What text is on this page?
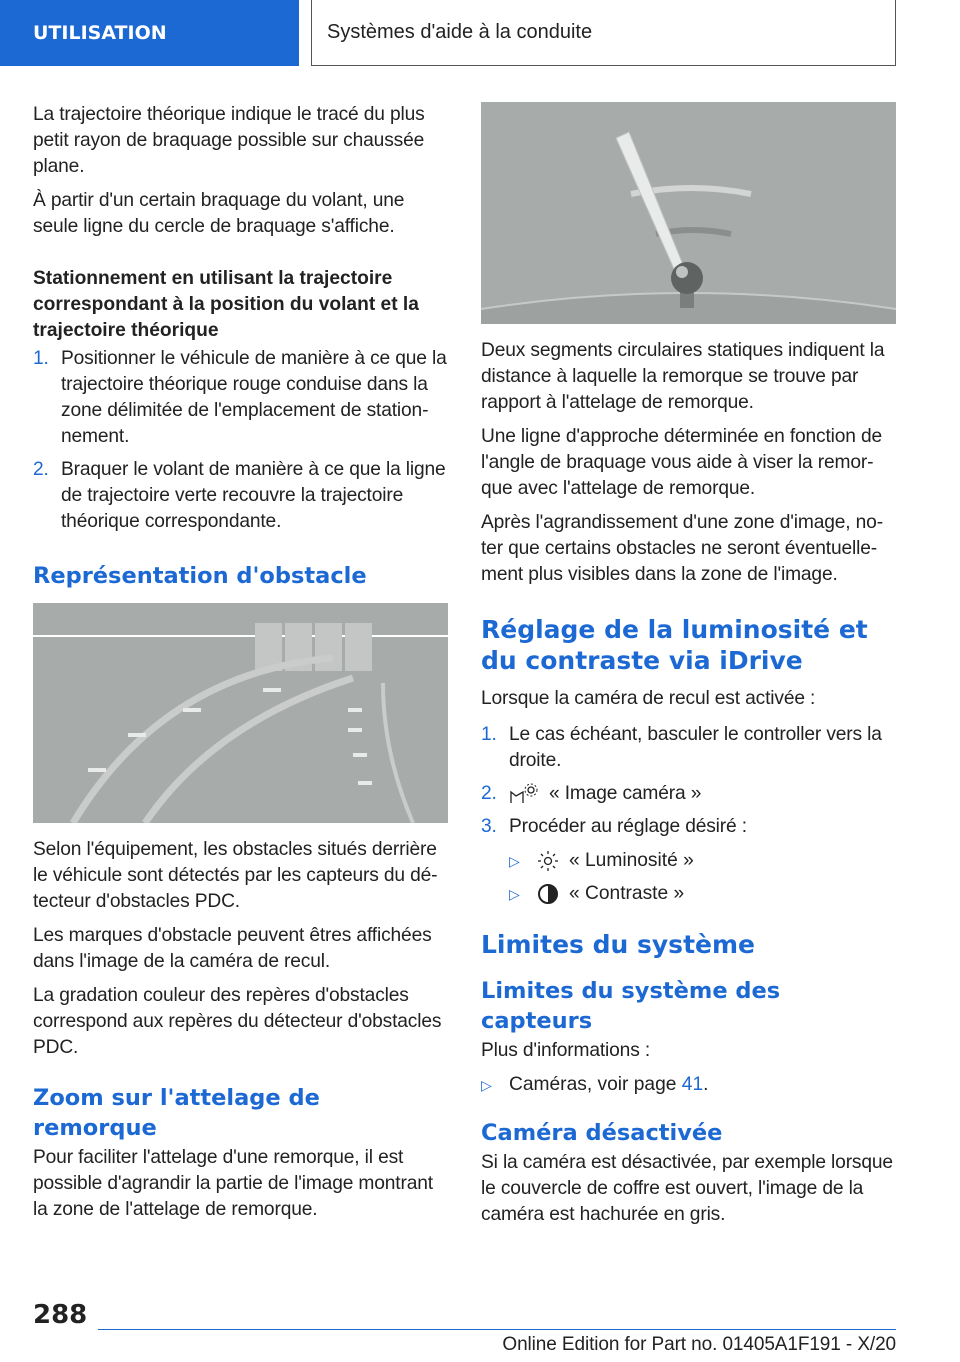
UTILISATION	Systèmes d'aide à la conduite

La trajectoire théorique indique le tracé du plus petit rayon de braquage possible sur chaussée plane.

À partir d'un certain braquage du volant, une seule ligne du cercle de braquage s'affiche.

Stationnement en utilisant la trajectoire correspondant à la position du volant et la trajectoire théorique
1. Positionner le véhicule de manière à ce que la trajectoire théorique rouge conduise dans la zone délimitée de l'emplacement de stationnement.
2. Braquer le volant de manière à ce que la ligne de trajectoire verte recouvre la trajectoire théorique correspondante.
Représentation d'obstacle

Selon l'équipement, les obstacles situés derrière le véhicule sont détectés par les capteurs du détecteur d'obstacles PDC.

Les marques d'obstacle peuvent êtres affichées dans l'image de la caméra de recul.

La gradation couleur des repères d'obstacles correspond aux repères du détecteur d'obstacles PDC.

Zoom sur l'attelage de remorque

Pour faciliter l'attelage d'une remorque, il est possible d'agrandir la partie de l'image montrant la zone de l'attelage de remorque.

Deux segments circulaires statiques indiquent la distance à laquelle la remorque se trouve par rapport à l'attelage de remorque.

Une ligne d'approche déterminée en fonction de l'angle de braquage vous aide à viser la remorque avec l'attelage de remorque.

Après l'agrandissement d'une zone d'image, noter que certains obstacles ne seront éventuellement plus visibles dans la zone de l'image.

Réglage de la luminosité et du contraste via iDrive

Lorsque la caméra de recul est activée :

1. Le cas échéant, basculer le controller vers la droite.
2.	« Image caméra »
3. Procéder au réglage désiré :
▷	« Luminosité »
▷	« Contraste »
Limites du système
Limites du système des capteurs

Plus d'informations :

▷ Caméras, voir page 41.
Caméra désactivée

Si la caméra est désactivée, par exemple lorsque le couvercle de coffre est ouvert, l'image de la caméra est hachurée en gris.

288
Online Edition for Part no. 01405A1F191 - X/20
